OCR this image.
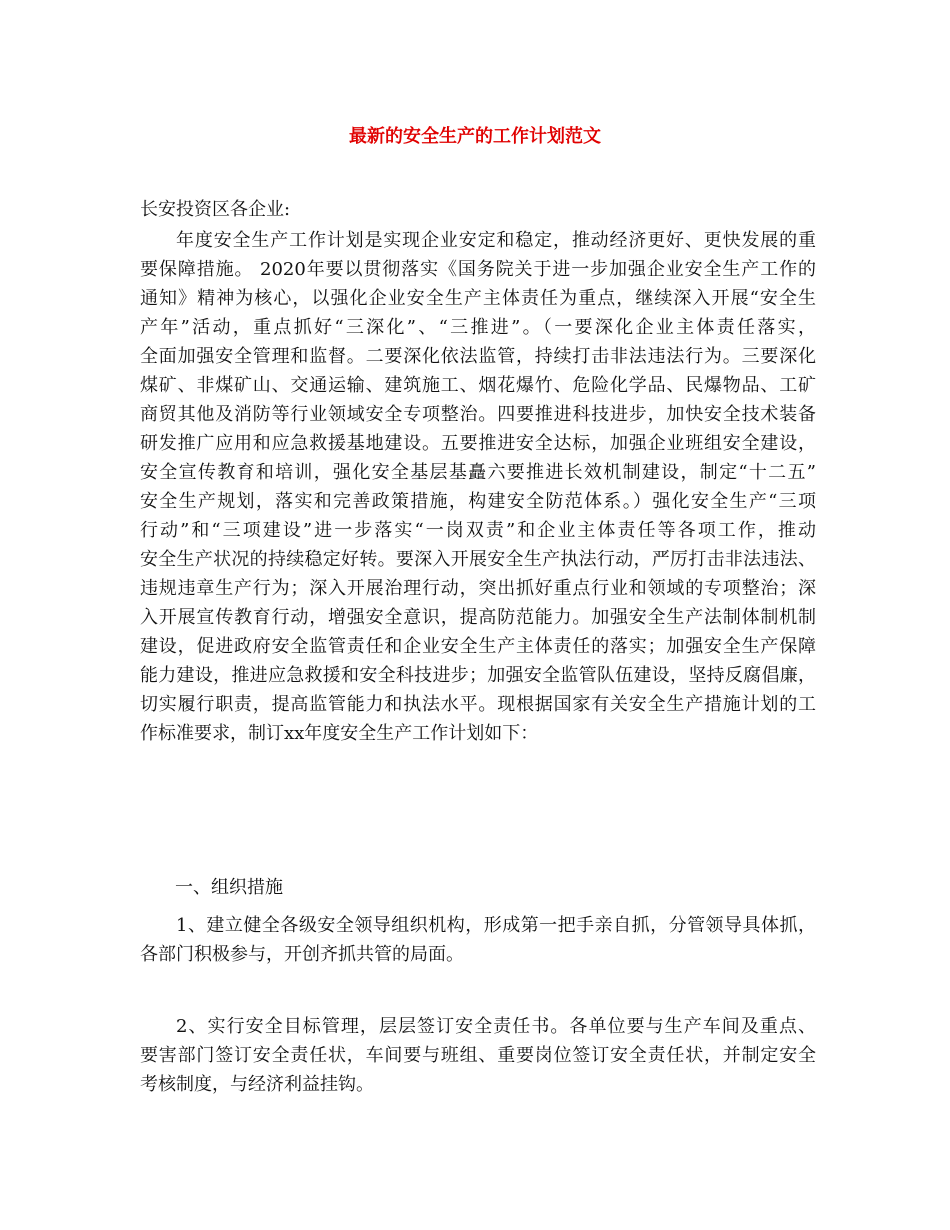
最新的安全生产的工作计划范文
长安投资区各企业:
年度安全生产工作计划是实现企业安定和稳定，推动经济更好、更快发展的重
要保障措施。 2020年要以贯彻落实《国务院关于进一步加强企业安全生产工作的
通知》精神为核心，以强化企业安全生产主体责任为重点，继续深入开展“安全生
产年”活动，重点抓好“三深化”、“三推进”。（一要深化企业主体责任落实，
全面加强安全管理和监督。二要深化依法监管，持续打击非法违法行为。三要深化
煤矿、非煤矿山、交通运输、建筑施工、烟花爆竹、危险化学品、民爆物品、工矿
商贸其他及消防等行业领域安全专项整治。四要推进科技进步，加快安全技术装备
研发推广应用和应急救援基地建设。五要推进安全达标，加强企业班组安全建设，
安全宣传教育和培训，强化安全基层基矗六要推进长效机制建设，制定“十二五”
安全生产规划，落实和完善政策措施，构建安全防范体系。）强化安全生产“三项
行动”和“三项建设”进一步落实“一岗双责”和企业主体责任等各项工作，推动
安全生产状况的持续稳定好转。要深入开展安全生产执法行动，严厉打击非法违法、
违规违章生产行为；深入开展治理行动，突出抓好重点行业和领域的专项整治；深
入开展宣传教育行动，增强安全意识，提高防范能力。加强安全生产法制体制机制
建设，促进政府安全监管责任和企业安全生产主体责任的落实；加强安全生产保障
能力建设，推进应急救援和安全科技进步；加强安全监管队伍建设，坚持反腐倡廉，
切实履行职责，提高监管能力和执法水平。现根据国家有关安全生产措施计划的工
作标准要求，制订xx年度安全生产工作计划如下：
一、组织措施
1、建立健全各级安全领导组织机构，形成第一把手亲自抓，分管领导具体抓，
各部门积极参与，开创齐抓共管的局面。
2、实行安全目标管理，层层签订安全责任书。各单位要与生产车间及重点、
要害部门签订安全责任状，车间要与班组、重要岗位签订安全责任状，并制定安全
考核制度，与经济利益挂钩。
